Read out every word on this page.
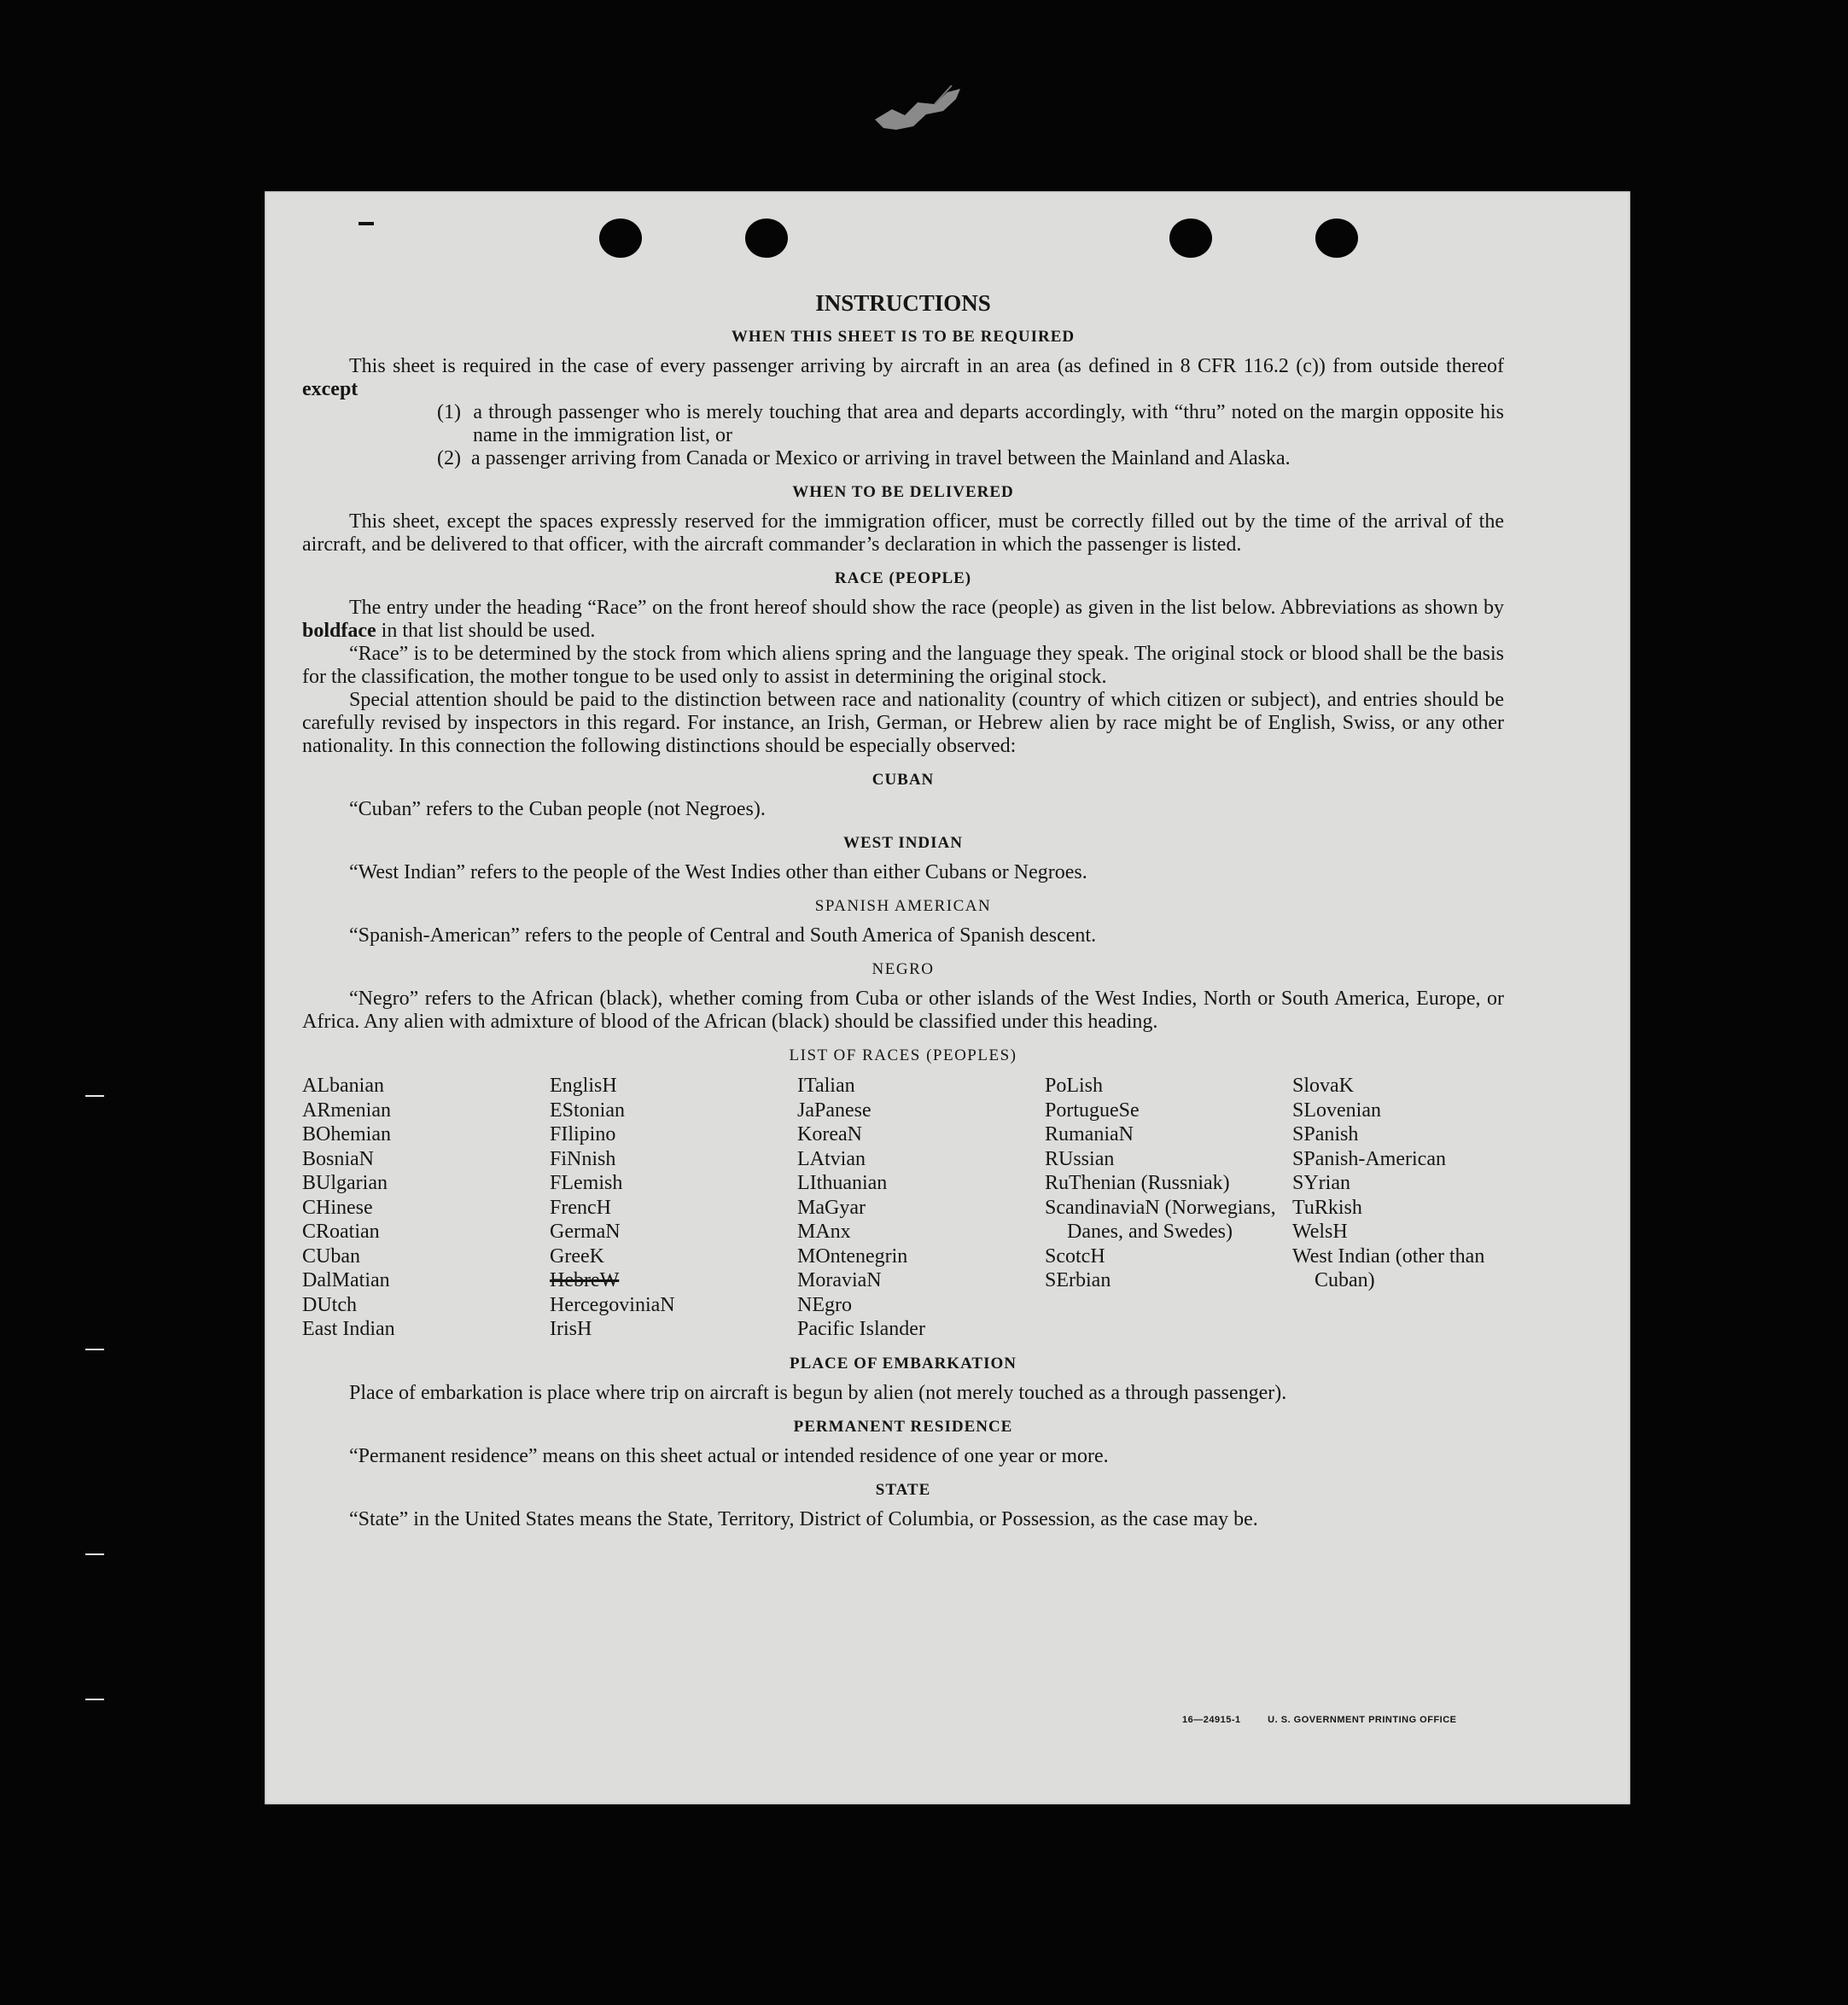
INSTRUCTIONS
WHEN THIS SHEET IS TO BE REQUIRED

This sheet is required in the case of every passenger arriving by aircraft in an area (as defined in 8 CFR 116.2 (c)) from outside thereof except

(1) a through passenger who is merely touching that area and departs accordingly, with “thru” noted on the margin opposite his name in the immigration list, or
(2) a passenger arriving from Canada or Mexico or arriving in travel between the Mainland and Alaska.
WHEN TO BE DELIVERED

This sheet, except the spaces expressly reserved for the immigration officer, must be correctly filled out by the time of the arrival of the aircraft, and be delivered to that officer, with the aircraft commander’s declaration in which the passenger is listed.

RACE (PEOPLE)

The entry under the heading “Race” on the front hereof should show the race (people) as given in the list below. Abbreviations as shown by boldface in that list should be used.

“Race” is to be determined by the stock from which aliens spring and the language they speak. The original stock or blood shall be the basis for the classification, the mother tongue to be used only to assist in determining the original stock.

Special attention should be paid to the distinction between race and nationality (country of which citizen or subject), and entries should be carefully revised by inspectors in this regard. For instance, an Irish, German, or Hebrew alien by race might be of English, Swiss, or any other nationality. In this connection the following distinctions should be especially observed:

CUBAN

“Cuban” refers to the Cuban people (not Negroes).

WEST INDIAN

“West Indian” refers to the people of the West Indies other than either Cubans or Negroes.

SPANISH AMERICAN

“Spanish-American” refers to the people of Central and South America of Spanish descent.

NEGRO

“Negro” refers to the African (black), whether coming from Cuba or other islands of the West Indies, North or South America, Europe, or Africa. Any alien with admixture of blood of the African (black) should be classified under this heading.

LIST OF RACES (PEOPLES)
ALbanian
ARmenian
BOhemian
BosniaN
BUlgarian
CHinese
CRoatian
CUban
DalMatian
DUtch
East Indian
EnglisH
EStonian
FIlipino
FiNnish
FLemish
FrencH
GermaN
GreeK
HebreW
HercegoviniaN
IrisH
ITalian
JaPanese
KoreaN
LAtvian
LIthuanian
MaGyar
MAnx
MOntenegrin
MoraviaN
NEgro
Pacific Islander
PoLish
PortugueSe
RumaniaN
RUssian
RuThenian (Russniak)
ScandinaviaN (Norwegians, Danes, and Swedes)
ScotcH
SErbian
SlovaK
SLovenian
SPanish
SPanish-American
SYrian
TuRkish
WelsH
West Indian (other than Cuban)
PLACE OF EMBARKATION

Place of embarkation is place where trip on aircraft is begun by alien (not merely touched as a through passenger).

PERMANENT RESIDENCE

“Permanent residence” means on this sheet actual or intended residence of one year or more.

STATE

“State” in the United States means the State, Territory, District of Columbia, or Possession, as the case may be.

16—24915-1	U. S. GOVERNMENT PRINTING OFFICE
